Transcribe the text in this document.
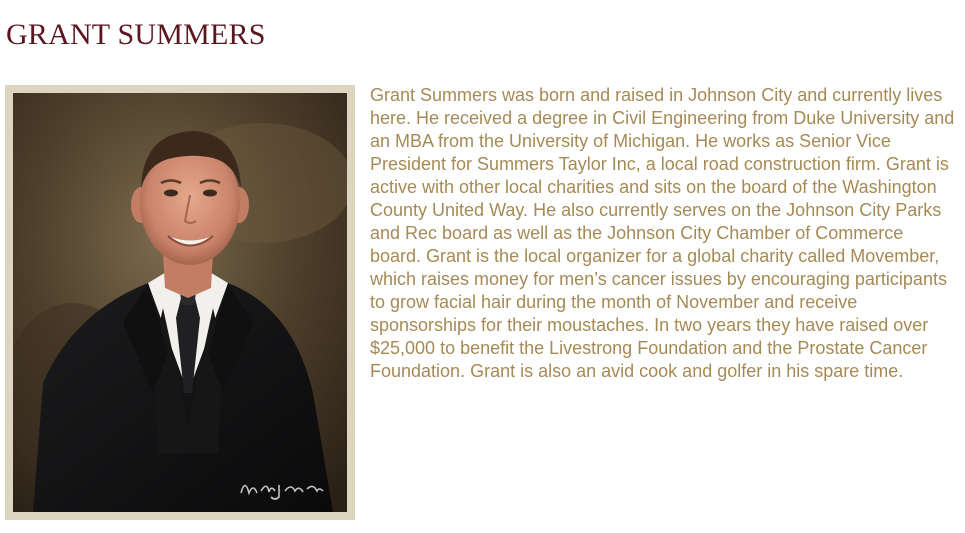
GRANT SUMMERS

Grant Summers was born and raised in Johnson City and currently lives here. He received a degree in Civil Engineering from Duke University and an MBA from the University of Michigan. He works as Senior Vice President for Summers Taylor Inc, a local road construction firm. Grant is active with other local charities and sits on the board of the Washington County United Way. He also currently serves on the Johnson City Parks and Rec board as well as the Johnson City Chamber of Commerce board. Grant is the local organizer for a global charity called Movember, which raises money for men’s cancer issues by encouraging participants to grow facial hair during the month of November and receive sponsorships for their moustaches. In two years they have raised over $25,000 to benefit the Livestrong Foundation and the Prostate Cancer Foundation. Grant is also an avid cook and golfer in his spare time.
